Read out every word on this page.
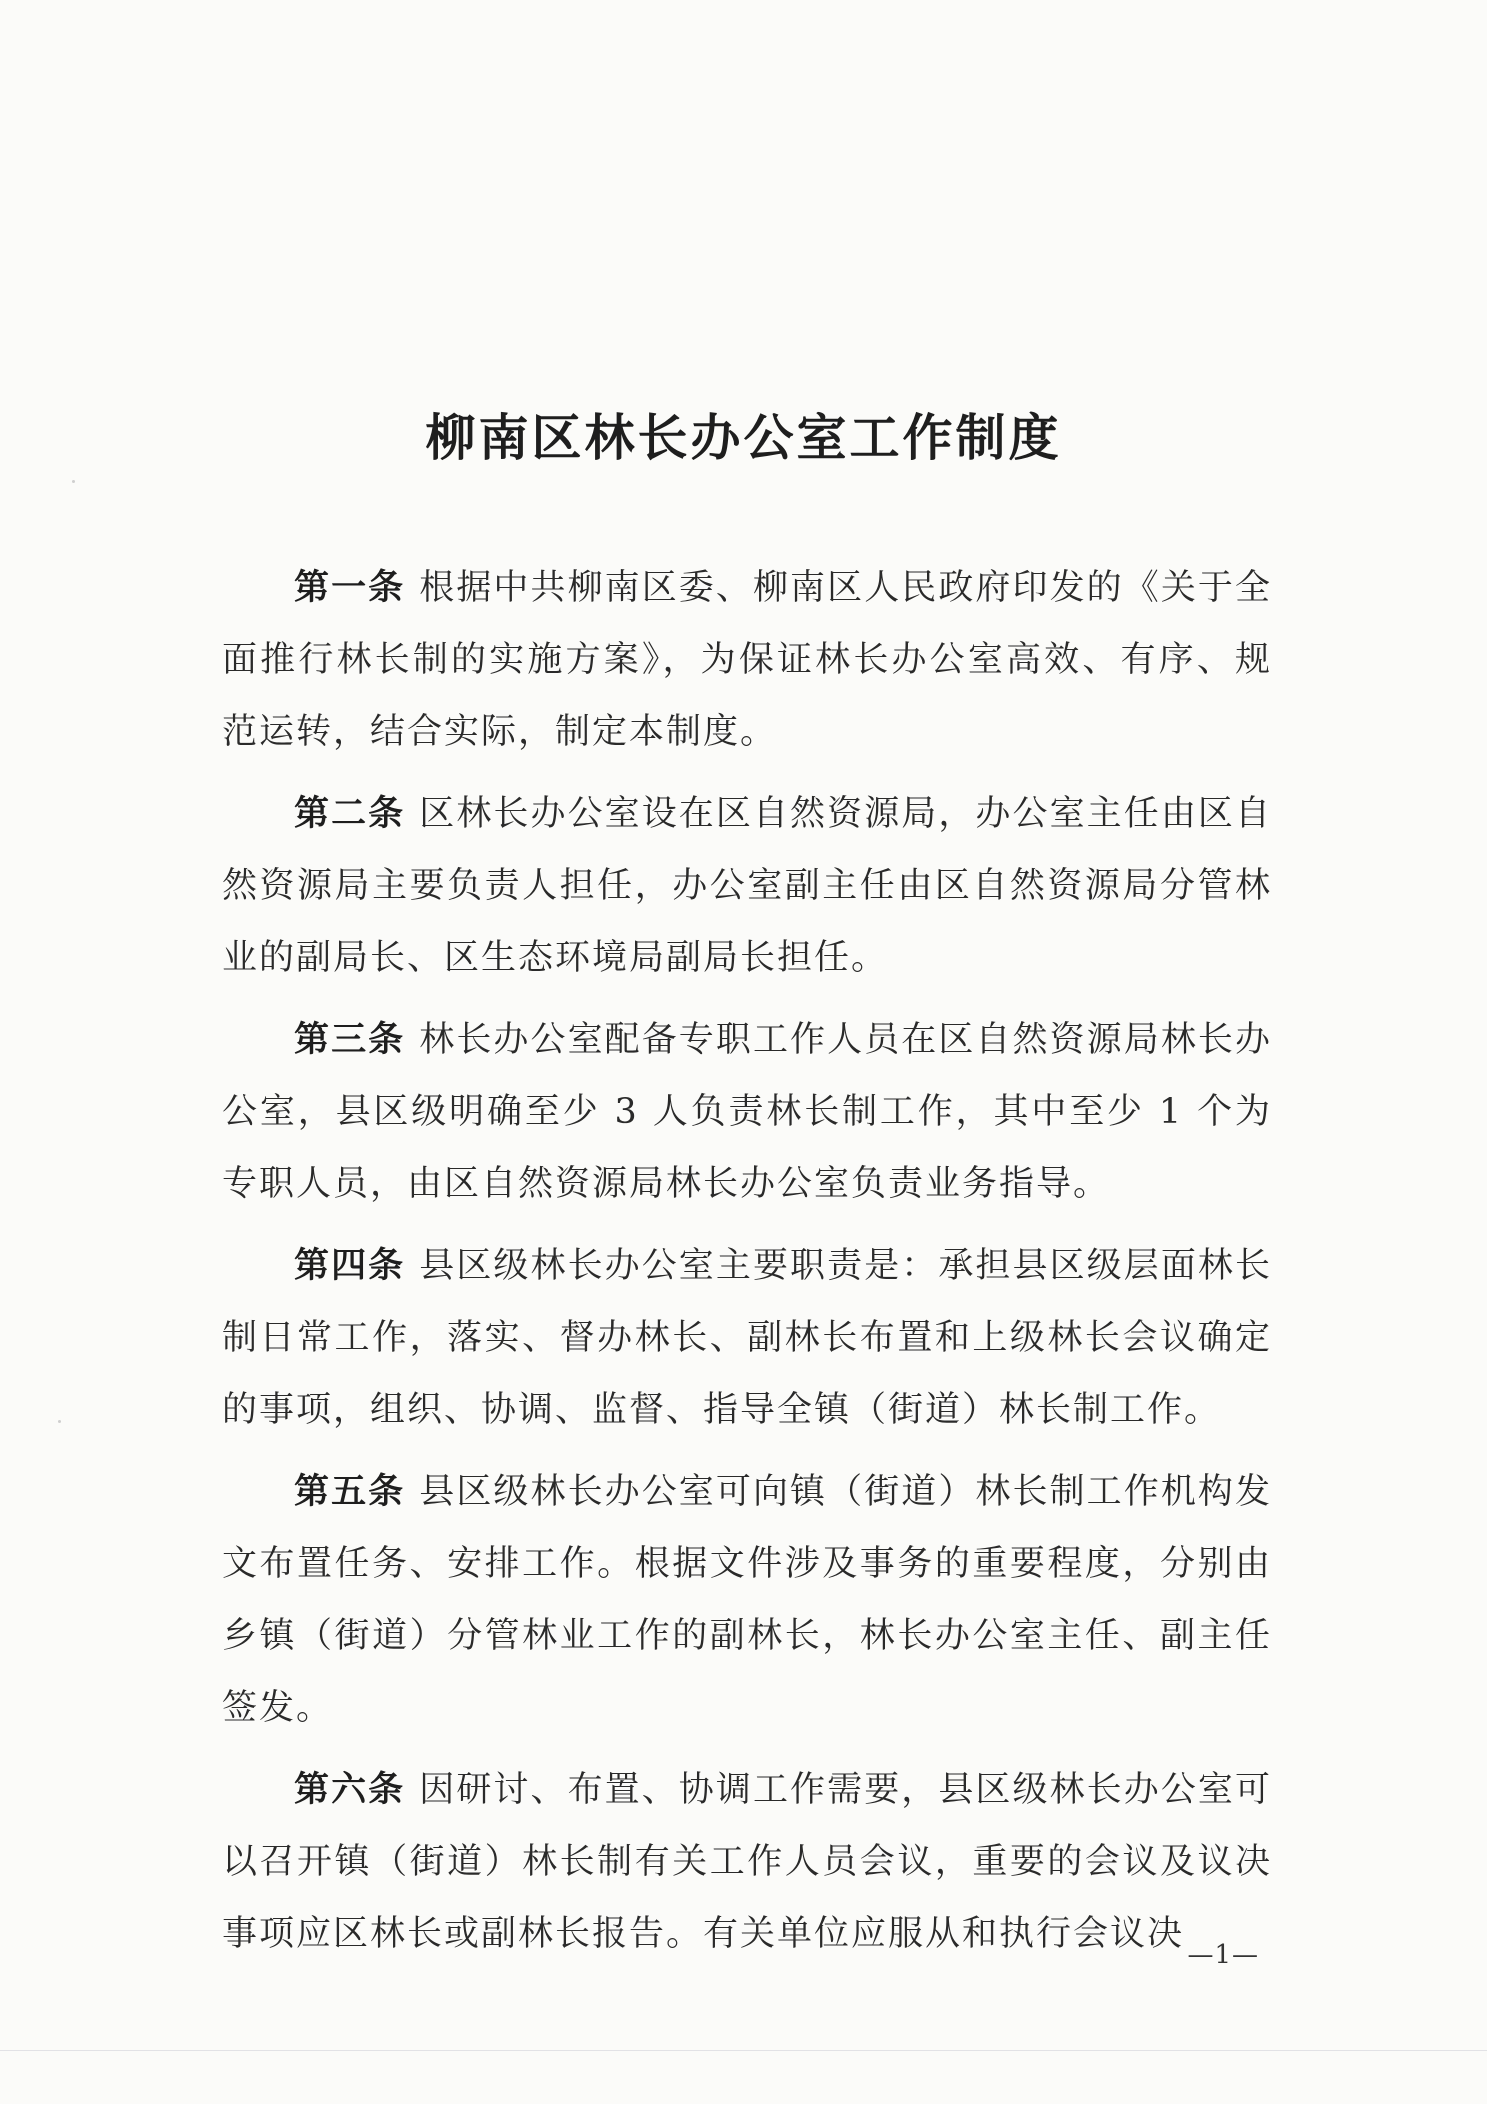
柳南区林长办公室工作制度

第一条 根据中共柳南区委、柳南区人民政府印发的《关于全面推行林长制的实施方案》，为保证林长办公室高效、有序、规范运转，结合实际，制定本制度。

第二条 区林长办公室设在区自然资源局，办公室主任由区自然资源局主要负责人担任，办公室副主任由区自然资源局分管林业的副局长、区生态环境局副局长担任。

第三条 林长办公室配备专职工作人员在区自然资源局林长办公室，县区级明确至少 3 人负责林长制工作，其中至少 1 个为专职人员，由区自然资源局林长办公室负责业务指导。

第四条 县区级林长办公室主要职责是：承担县区级层面林长制日常工作，落实、督办林长、副林长布置和上级林长会议确定的事项，组织、协调、监督、指导全镇（街道）林长制工作。

第五条 县区级林长办公室可向镇（街道）林长制工作机构发文布置任务、安排工作。根据文件涉及事务的重要程度，分别由乡镇（街道）分管林业工作的副林长，林长办公室主任、副主任签发。

第六条 因研讨、布置、协调工作需要，县区级林长办公室可以召开镇（街道）林长制有关工作人员会议，重要的会议及议决事项应区林长或副林长报告。有关单位应服从和执行会议决

—1—
